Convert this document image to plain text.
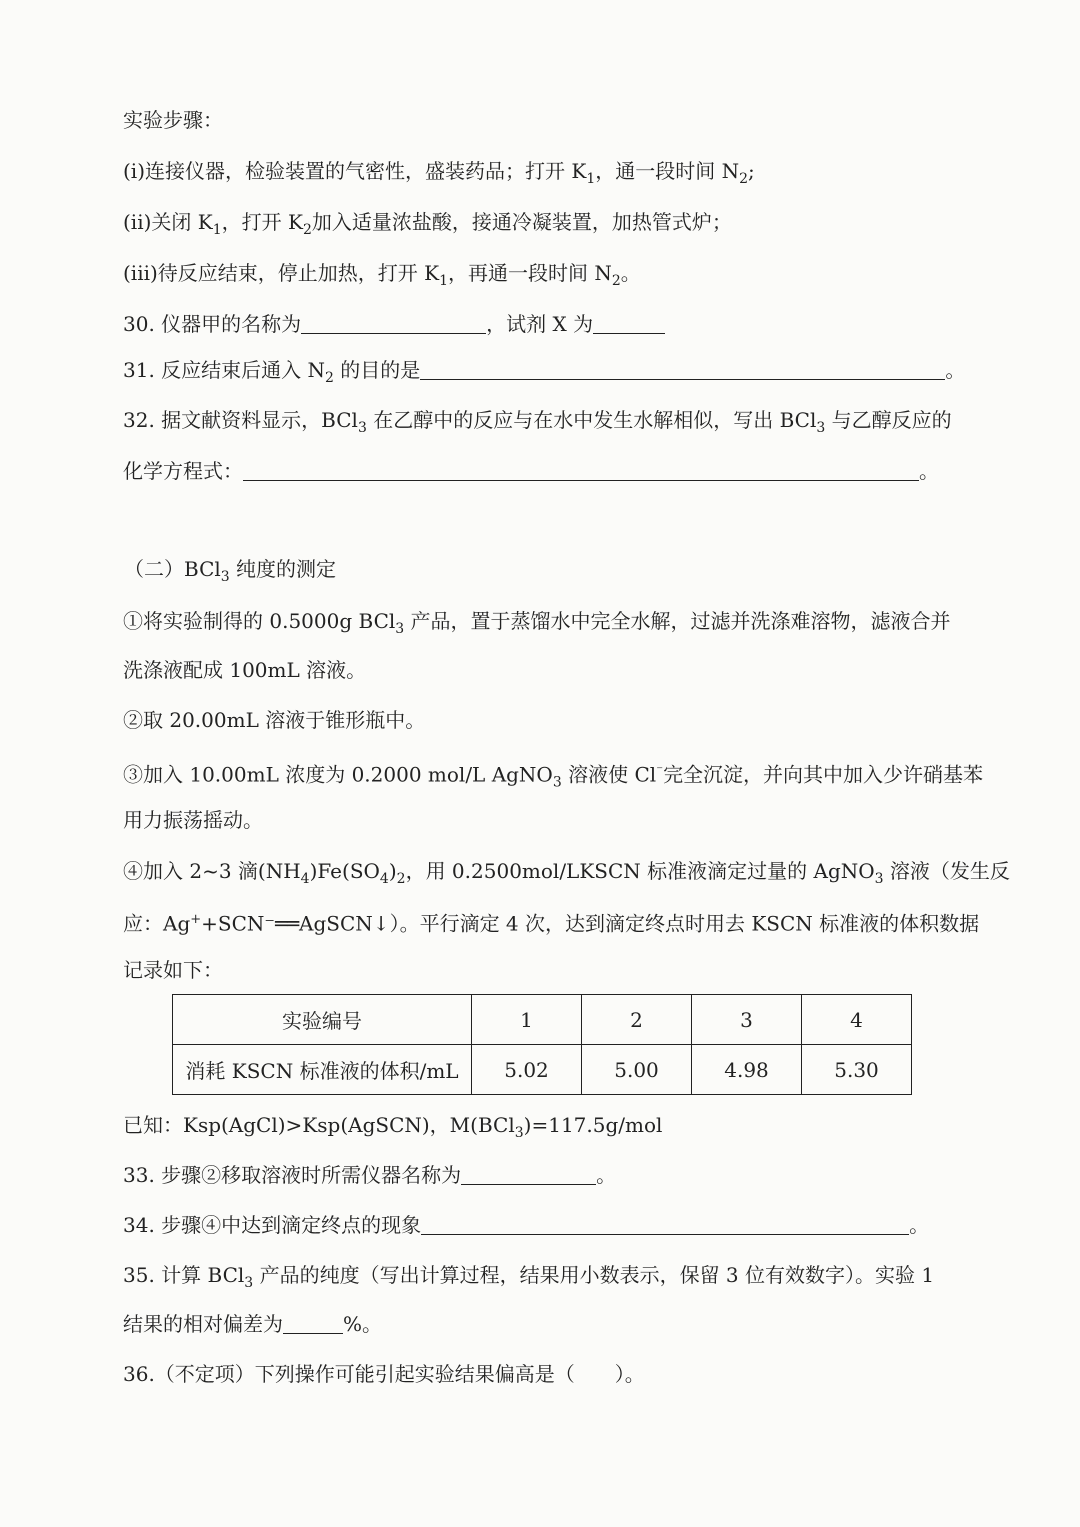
实验步骤：
(i)连接仪器，检验装置的气密性，盛装药品；打开 $K_1$，通一段时间 $N_2$;
(ii)关闭 $K_1$，打开 $K_2$加入适量浓盐酸，接通冷凝装置，加热管式炉；
(iii)待反应结束，停止加热，打开 $K_1$，再通一段时间 $N_2$。
30. 仪器甲的名称为	，试剂 X 为
31. 反应结束后通入 $N_2$ 的目的是	。
32. 据文献资料显示，BCl$_3$ 在乙醇中的反应与在水中发生水解相似，写出 BCl$_3$ 与乙醇反应的
化学方程式：	。
（二）BCl$_3$ 纯度的测定
①将实验制得的 0.5000g BCl$_3$ 产品，置于蒸馏水中完全水解，过滤并洗涤难溶物，滤液合并
洗涤液配成 100mL 溶液。
②取 20.00mL 溶液于锥形瓶中。
③加入 10.00mL 浓度为 0.2000 mol/L AgNO$_3$ 溶液使 Cl⁻完全沉淀，并向其中加入少许硝基苯
用力振荡摇动。
④加入 2~3 滴$(NH_4)Fe(SO_4)_2$，用 0.2500mol/LKSCN 标准液滴定过量的 AgNO$_3$ 溶液（发生反
应：Ag++SCN⁻══AgSCN↓）。平行滴定 4 次，达到滴定终点时用去 KSCN 标准液的体积数据
记录如下：
实验编号	1	2	3	4
消耗 KSCN 标准液的体积/mL	5.02	5.00	4.98	5.30
已知：Ksp(AgCl)>Ksp(AgSCN)，M(BCl$_3$)=117.5g/mol
33. 步骤②移取溶液时所需仪器名称为	。
34. 步骤④中达到滴定终点的现象	。
35. 计算 BCl$_3$ 产品的纯度（写出计算过程，结果用小数表示，保留 3 位有效数字）。实验 1
结果的相对偏差为	%。
36.（不定项）下列操作可能引起实验结果偏高是（　　）。
